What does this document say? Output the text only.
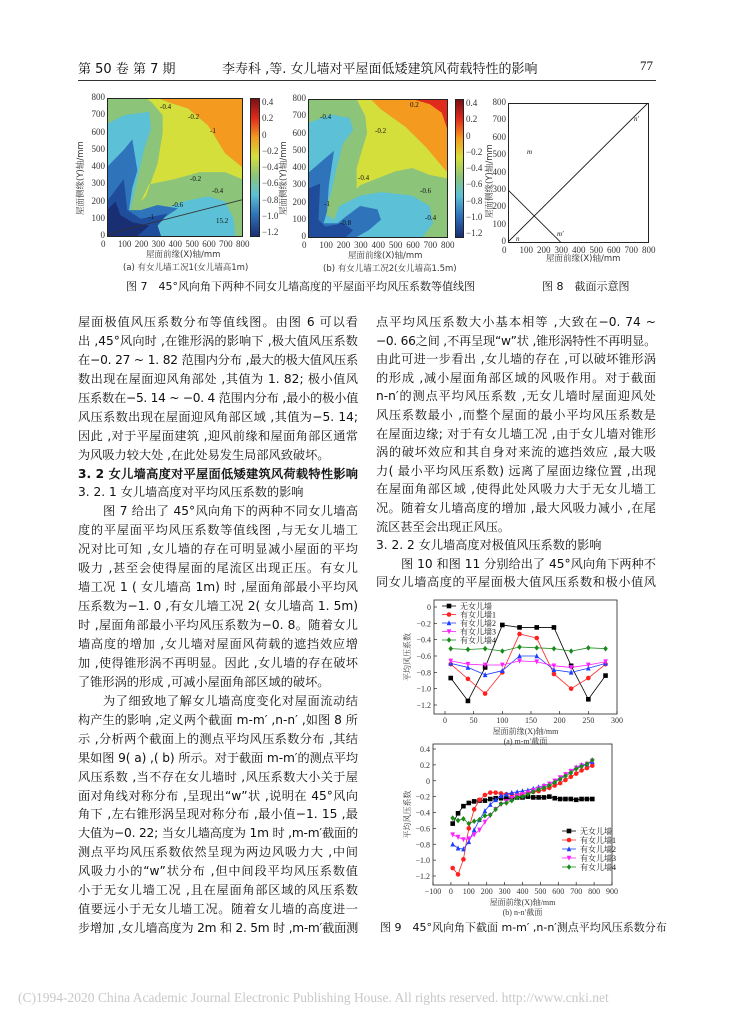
第 50 卷 第 7 期	李寿科 ,等. 女儿墙对平屋面低矮建筑风荷载特性的影响	77
-0.4
-0.2
-1
-0.2
-0.4
-0.6
-1	15.2
0 100 200 300 400 500 600 700 800
800
700
600
500
400
300
200
100
0
0.4
0.2
0
−0.2
−0.4
−0.6
−0.8
−1.0
−1.2
屋面前缘(X)轴/mm
屋面侧缘(Y)轴/mm
(a) 有女儿墙工况1(女儿墙高1m)
0.2
-0.4
-0.2
-0.4
-0.6
-1
-0.8
-0.4
0 100 200 300 400 500 600 700 800
800
700
600
500
400
300
200
100
0
0.4
0.2
0
−0.2
−0.4
−0.6
−0.8
−1.0
−1.2
屋面前缘(X)轴/mm
屋面侧缘(Y)轴/mm
(b) 有女儿墙工况2(女儿墙高1.5m)
图 7　45°风向角下两种不同女儿墙高度的平屋面平均风压系数等值线图
m
m′
n
n′
0 100 200 300 400 500 600 700 800
800
700
600
500
400
300
200
100
0
屋面前缘(X)轴/mm
屋面侧缘(Y)轴/mm
图 8　截面示意图
屋面极值风压系数分布等值线图。由图 6 可以看
出 ,45°风向时 ,在锥形涡的影响下 ,极大值风压系数
在−0. 27 ~ 1. 82 范围内分布 ,最大的极大值风压系
数出现在屋面迎风角部处 ,其值为 1. 82; 极小值风
压系数在−5. 14 ~ −0. 4 范围内分布 ,最小的极小值
风压系数出现在屋面迎风角部区域 ,其值为−5. 14;
因此 ,对于平屋面建筑 ,迎风前缘和屋面角部区通常
为风吸力较大处 ,在此处易发生局部风致破坏。
3. 2 女儿墙高度对平屋面低矮建筑风荷载特性影响
3. 2. 1 女儿墙高度对平均风压系数的影响
图 7 给出了 45°风向角下的两种不同女儿墙高
度的平屋面平均风压系数等值线图 ,与无女儿墙工
况对比可知 ,女儿墙的存在可明显减小屋面的平均
吸力 ,甚至会使得屋面的尾流区出现正压。有女儿
墙工况 1 ( 女儿墙高 1m) 时 ,屋面角部最小平均风
压系数为−1. 0 ,有女儿墙工况 2( 女儿墙高 1. 5m)
时 ,屋面角部最小平均风压系数为−0. 8。随着女儿
墙高度的增加 ,女儿墙对屋面风荷载的遮挡效应增
加 ,使得锥形涡不再明显。因此 ,女儿墙的存在破坏
了锥形涡的形成 ,可减小屋面角部区域的破坏。
为了细致地了解女儿墙高度变化对屋面流动结
构产生的影响 ,定义两个截面 m-m′ ,n-n′ ,如图 8 所
示 ,分析两个截面上的测点平均风压系数分布 ,其结
果如图 9( a) ,( b) 所示。对于截面 m-m′的测点平均
风压系数 ,当不存在女儿墙时 ,风压系数大小关于屋
面对角线对称分布 ,呈现出“w”状 ,说明在 45°风向
角下 ,左右锥形涡呈现对称分布 ,最小值−1. 15 ,最
大值为−0. 22; 当女儿墙高度为 1m 时 ,m-m′截面的
测点平均风压系数依然呈现为两边风吸力大 ,中间
风吸力小的“w”状分布 ,但中间段平均风压系数值
小于无女儿墙工况 ,且在屋面角部区域的风压系数
值要远小于无女儿墙工况。随着女儿墙的高度进一
步增加 ,女儿墙高度为 2m 和 2. 5m 时 ,m-m′截面测
点平均风压系数大小基本相等 ,大致在−0. 74 ~
−0. 66之间 ,不再呈现“w”状 ,锥形涡特性不再明显。
由此可进一步看出 ,女儿墙的存在 ,可以破坏锥形涡
的形成 ,减小屋面角部区域的风吸作用。对于截面
n-n′的测点平均风压系数 ,无女儿墙时屋面迎风处
风压系数最小 ,而整个屋面的最小平均风压系数是
在屋面边缘; 对于有女儿墙工况 ,由于女儿墙对锥形
涡的破坏效应和其自身对来流的遮挡效应 ,最大吸
力( 最小平均风压系数) 远离了屋面边缘位置 ,出现
在屋面角部区域 ,使得此处风吸力大于无女儿墙工
况。随着女儿墙高度的增加 ,最大风吸力减小 ,在尾
流区甚至会出现正风压。
3. 2. 2 女儿墙高度对极值风压系数的影响
图 10 和图 11 分别给出了 45°风向角下两种不
同女儿墙高度的平屋面极大值风压系数和极小值风
0	50 100 150 200 250 300
0
−0.2
−0.4
−0.6
−0.8
−1.0
−1.2
屋面前缘(X)轴/mm
(a) m-m′截面
平均风压系数
无女儿墙
有女儿墙1
有女儿墙2
有女儿墙3
有女儿墙4
−100 0 100 200 300 400 500 600 700 800 900
0.4
0.2
0
−0.2
−0.4
−0.6
−0.8
−1.0
−1.2
屋面前缘(X)轴/mm
(b) n-n′截面
平均风压系数	无女儿墙
有女儿墙1
有女儿墙2
有女儿墙3
有女儿墙4
图 9　45°风向角下截面 m-m′ ,n-n′测点平均风压系数分布
(C)1994-2020 China Academic Journal Electronic Publishing House. All rights reserved. http://www.cnki.net
